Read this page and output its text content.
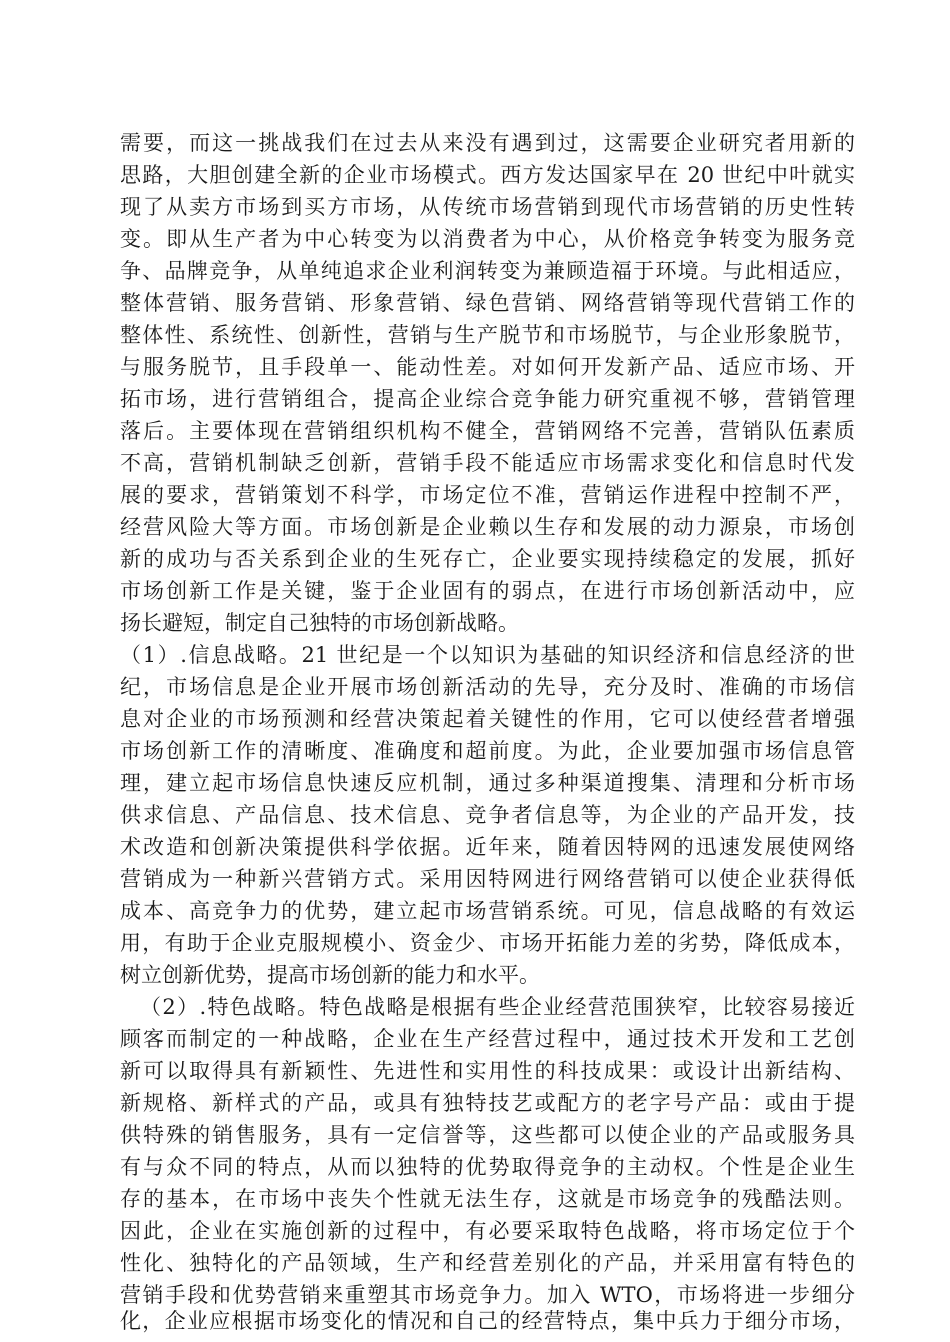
需要，而这一挑战我们在过去从来没有遇到过，这需要企业研究者用新的
思路，大胆创建全新的企业市场模式。西方发达国家早在 20 世纪中叶就实
现了从卖方市场到买方市场，从传统市场营销到现代市场营销的历史性转
变。即从生产者为中心转变为以消费者为中心，从价格竞争转变为服务竞
争、品牌竞争，从单纯追求企业利润转变为兼顾造福于环境。与此相适应，
整体营销、服务营销、形象营销、绿色营销、网络营销等现代营销工作的
整体性、系统性、创新性，营销与生产脱节和市场脱节，与企业形象脱节，
与服务脱节，且手段单一、能动性差。对如何开发新产品、适应市场、开
拓市场，进行营销组合，提高企业综合竞争能力研究重视不够，营销管理
落后。主要体现在营销组织机构不健全，营销网络不完善，营销队伍素质
不高，营销机制缺乏创新，营销手段不能适应市场需求变化和信息时代发
展的要求，营销策划不科学，市场定位不准，营销运作进程中控制不严，
经营风险大等方面。市场创新是企业赖以生存和发展的动力源泉，市场创
新的成功与否关系到企业的生死存亡，企业要实现持续稳定的发展，抓好
市场创新工作是关键，鉴于企业固有的弱点，在进行市场创新活动中，应
扬长避短，制定自己独特的市场创新战略。
（1）.信息战略。21 世纪是一个以知识为基础的知识经济和信息经济的世
纪，市场信息是企业开展市场创新活动的先导，充分及时、准确的市场信
息对企业的市场预测和经营决策起着关键性的作用，它可以使经营者增强
市场创新工作的清晰度、准确度和超前度。为此，企业要加强市场信息管
理，建立起市场信息快速反应机制，通过多种渠道搜集、清理和分析市场
供求信息、产品信息、技术信息、竞争者信息等，为企业的产品开发，技
术改造和创新决策提供科学依据。近年来，随着因特网的迅速发展使网络
营销成为一种新兴营销方式。采用因特网进行网络营销可以使企业获得低
成本、高竞争力的优势，建立起市场营销系统。可见，信息战略的有效运
用，有助于企业克服规模小、资金少、市场开拓能力差的劣势，降低成本，
树立创新优势，提高市场创新的能力和水平。
（2）.特色战略。特色战略是根据有些企业经营范围狭窄，比较容易接近
顾客而制定的一种战略，企业在生产经营过程中，通过技术开发和工艺创
新可以取得具有新颖性、先进性和实用性的科技成果：或设计出新结构、
新规格、新样式的产品，或具有独特技艺或配方的老字号产品：或由于提
供特殊的销售服务，具有一定信誉等，这些都可以使企业的产品或服务具
有与众不同的特点，从而以独特的优势取得竞争的主动权。个性是企业生
存的基本，在市场中丧失个性就无法生存，这就是市场竞争的残酷法则。
因此，企业在实施创新的过程中，有必要采取特色战略，将市场定位于个
性化、独特化的产品领域，生产和经营差别化的产品，并采用富有特色的
营销手段和优势营销来重塑其市场竞争力。加入 WTO，市场将进一步细分
化，企业应根据市场变化的情况和自己的经营特点，集中兵力于细分市场，
